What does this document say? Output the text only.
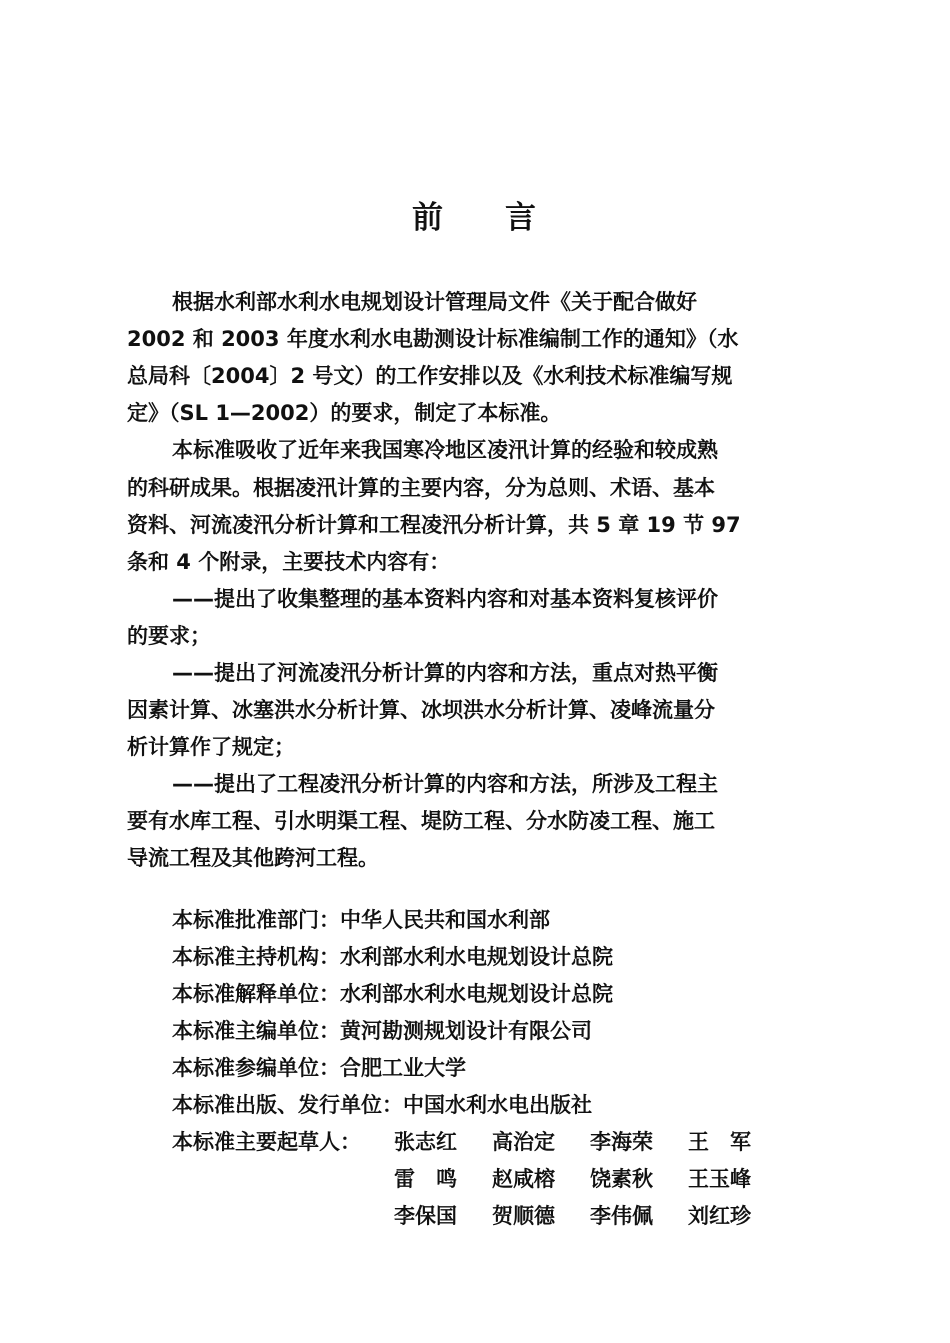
前 言
根据水利部水利水电规划设计管理局文件《关于配合做好
2002 和 2003 年度水利水电勘测设计标准编制工作的通知》（水
总局科〔2004〕2 号文）的工作安排以及《水利技术标准编写规
定》（SL 1—2002）的要求，制定了本标准。
本标准吸收了近年来我国寒冷地区凌汛计算的经验和较成熟
的科研成果。根据凌汛计算的主要内容，分为总则、术语、基本
资料、河流凌汛分析计算和工程凌汛分析计算，共 5 章 19 节 97
条和 4 个附录，主要技术内容有：
——提出了收集整理的基本资料内容和对基本资料复核评价
的要求；
——提出了河流凌汛分析计算的内容和方法，重点对热平衡
因素计算、冰塞洪水分析计算、冰坝洪水分析计算、凌峰流量分
析计算作了规定；
——提出了工程凌汛分析计算的内容和方法，所涉及工程主
要有水库工程、引水明渠工程、堤防工程、分水防凌工程、施工
导流工程及其他跨河工程。
本标准批准部门：中华人民共和国水利部
本标准主持机构：水利部水利水电规划设计总院
本标准解释单位：水利部水利水电规划设计总院
本标准主编单位：黄河勘测规划设计有限公司
本标准参编单位：合肥工业大学
本标准出版、发行单位：中国水利水电出版社
本标准主要起草人： 张志红 高治定 李海荣 王　军
雷　鸣 赵咸榕 饶素秋 王玉峰
李保国 贺顺德 李伟佩 刘红珍
